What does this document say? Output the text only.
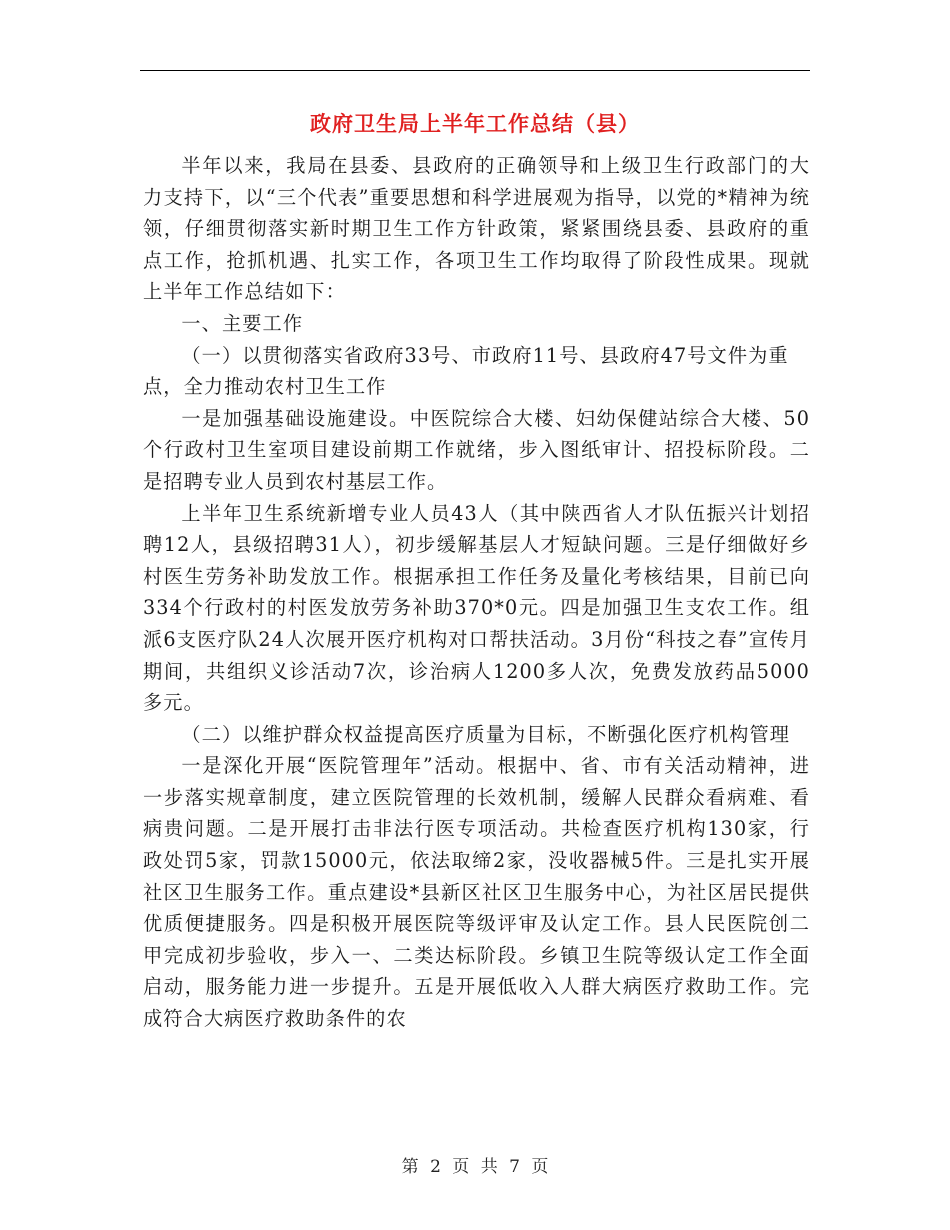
政府卫生局上半年工作总结（县）

半年以来，我局在县委、县政府的正确领导和上级卫生行政部门的大力支持下，以“三个代表”重要思想和科学进展观为指导，以党的*精神为统领，仔细贯彻落实新时期卫生工作方针政策，紧紧围绕县委、县政府的重点工作，抢抓机遇、扎实工作，各项卫生工作均取得了阶段性成果。现就上半年工作总结如下：

一、主要工作

（一）以贯彻落实省政府33号、市政府11号、县政府47号文件为重点，全力推动农村卫生工作

一是加强基础设施建设。中医院综合大楼、妇幼保健站综合大楼、50个行政村卫生室项目建设前期工作就绪，步入图纸审计、招投标阶段。二是招聘专业人员到农村基层工作。

上半年卫生系统新增专业人员43人（其中陕西省人才队伍振兴计划招聘12人，县级招聘31人），初步缓解基层人才短缺问题。三是仔细做好乡村医生劳务补助发放工作。根据承担工作任务及量化考核结果，目前已向334个行政村的村医发放劳务补助370*0元。四是加强卫生支农工作。组派6支医疗队24人次展开医疗机构对口帮扶活动。3月份“科技之春”宣传月期间，共组织义诊活动7次，诊治病人1200多人次，免费发放药品5000多元。

（二）以维护群众权益提高医疗质量为目标，不断强化医疗机构管理

一是深化开展“医院管理年”活动。根据中、省、市有关活动精神，进一步落实规章制度，建立医院管理的长效机制，缓解人民群众看病难、看病贵问题。二是开展打击非法行医专项活动。共检查医疗机构130家，行政处罚5家，罚款15000元，依法取缔2家，没收器械5件。三是扎实开展社区卫生服务工作。重点建设*县新区社区卫生服务中心，为社区居民提供优质便捷服务。四是积极开展医院等级评审及认定工作。县人民医院创二甲完成初步验收，步入一、二类达标阶段。乡镇卫生院等级认定工作全面启动，服务能力进一步提升。五是开展低收入人群大病医疗救助工作。完成符合大病医疗救助条件的农

第 2 页 共 7 页
